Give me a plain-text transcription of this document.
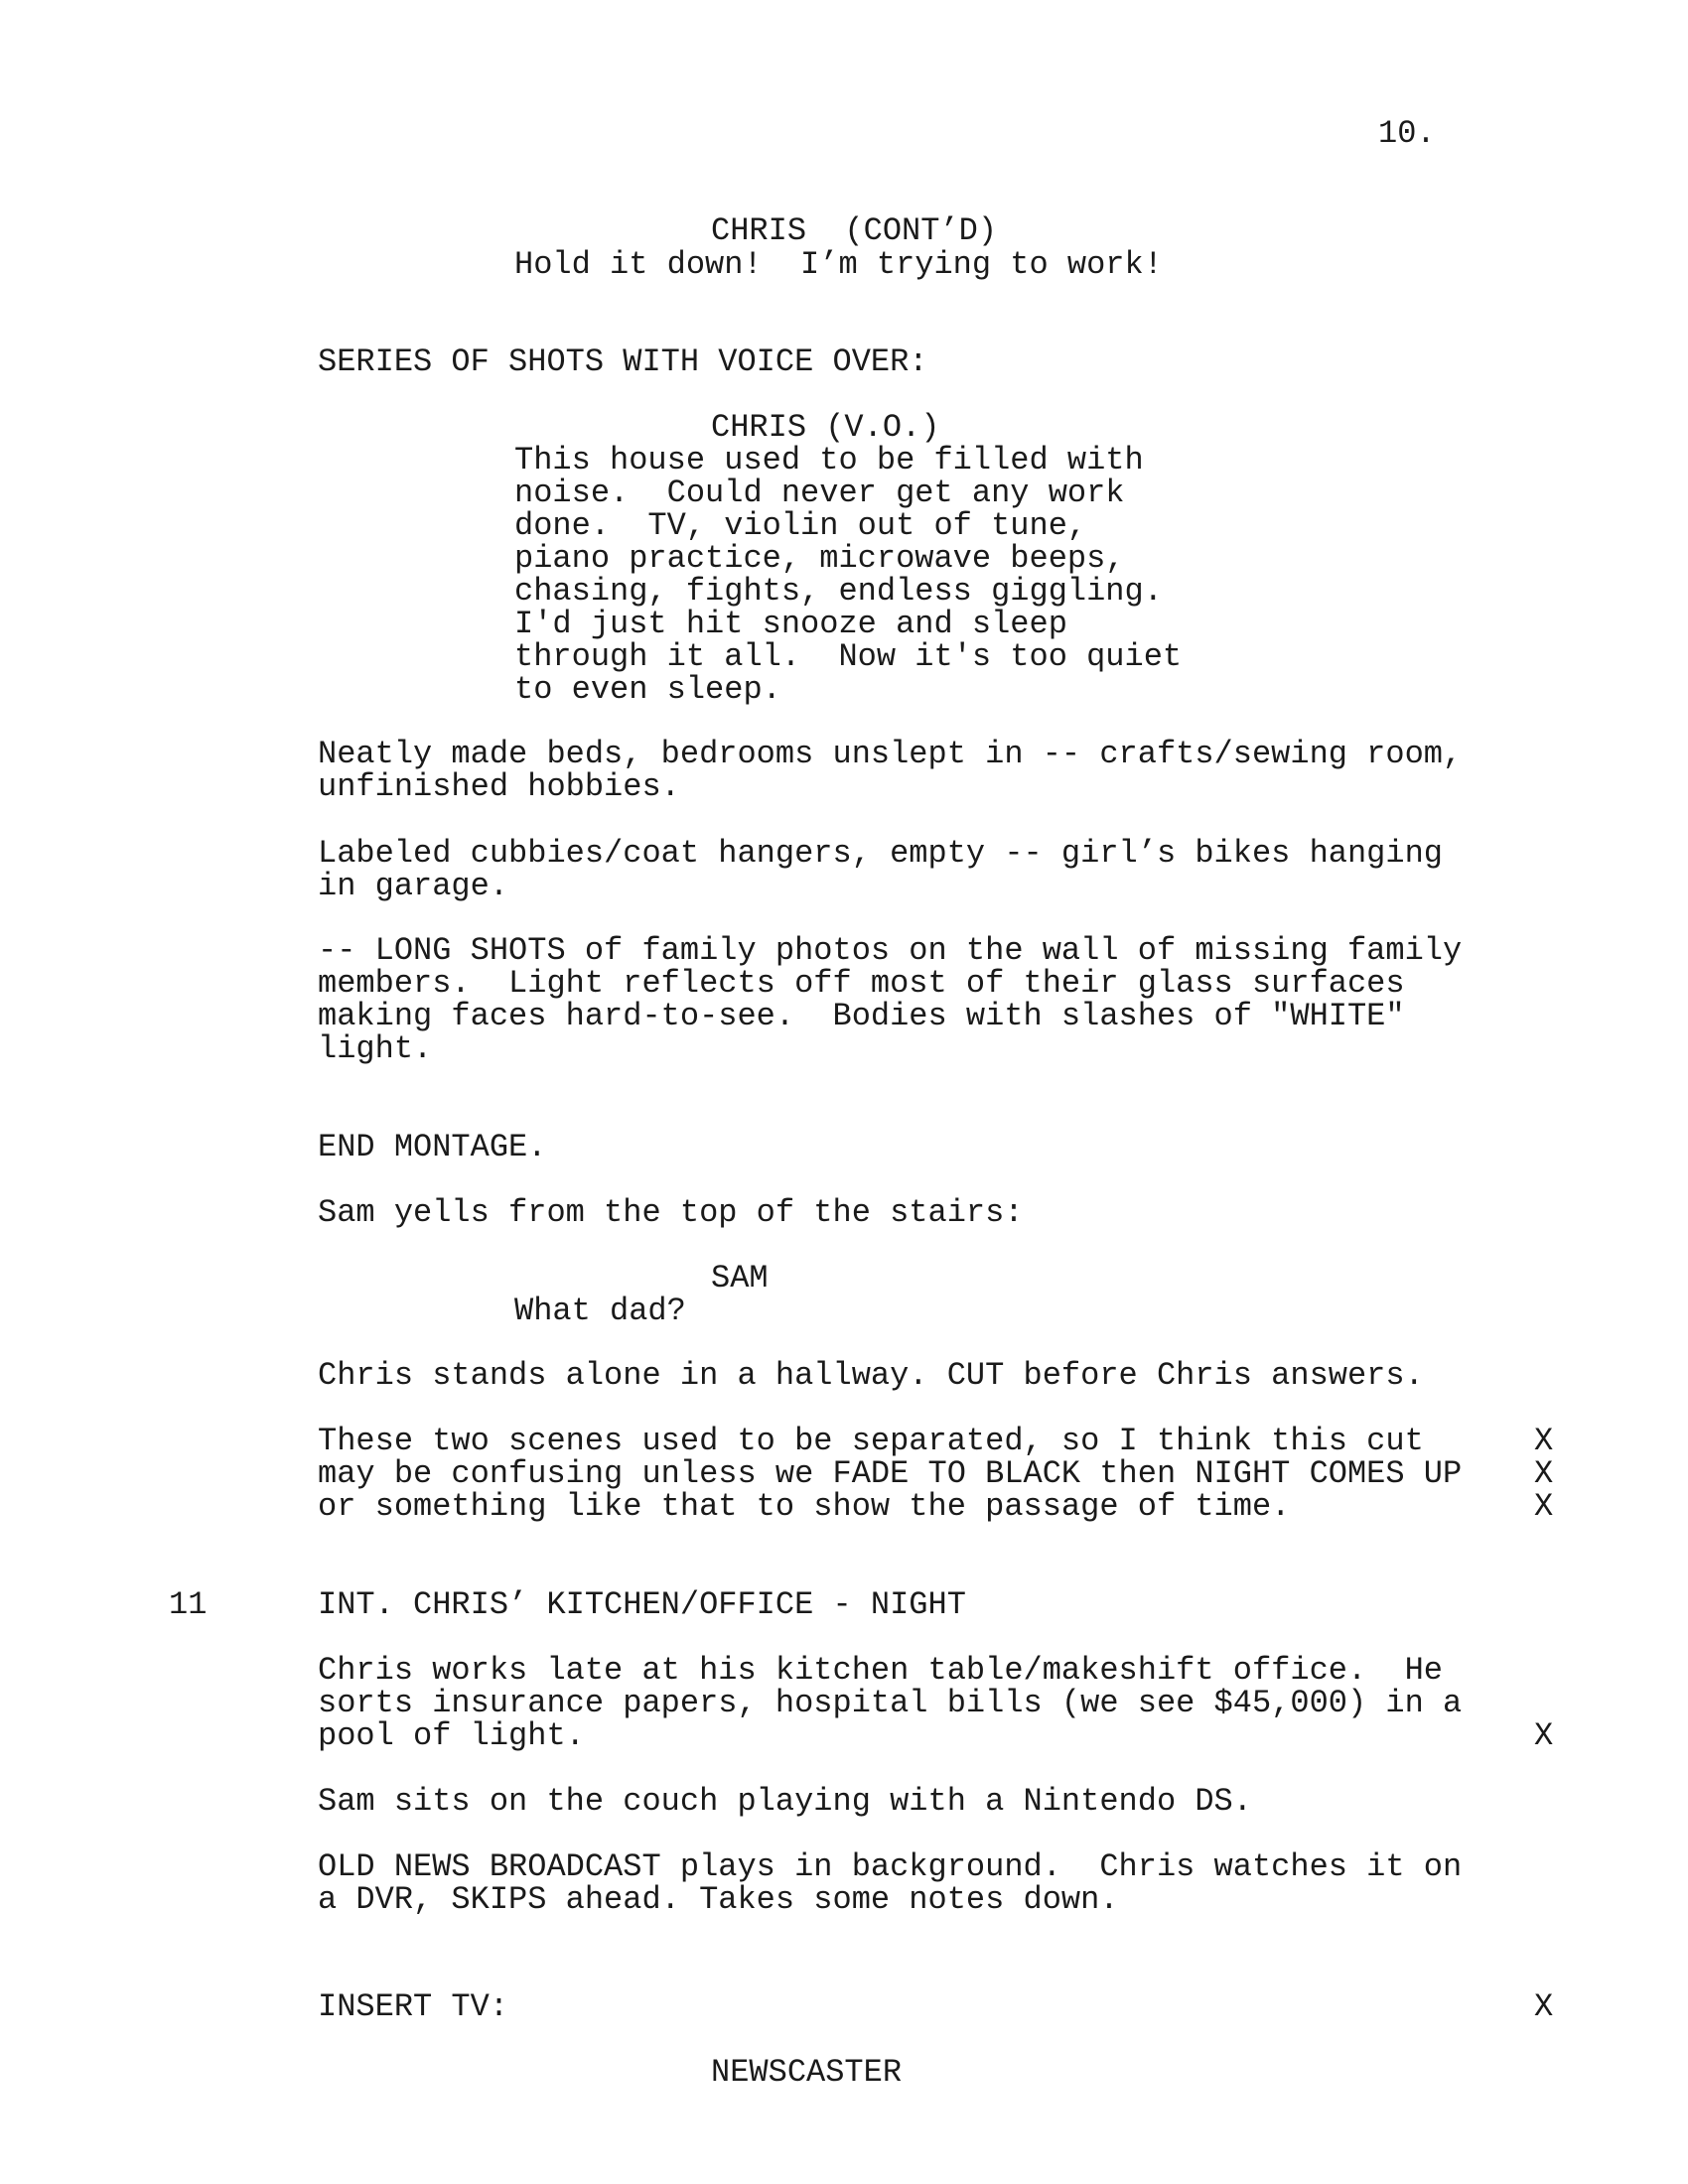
10.
CHRIS  (CONT’D)
Hold it down!  I’m trying to work!
SERIES OF SHOTS WITH VOICE OVER:
CHRIS (V.O.)
This house used to be filled with
noise.  Could never get any work
done.  TV, violin out of tune,
piano practice, microwave beeps,
chasing, fights, endless giggling.
I'd just hit snooze and sleep
through it all.  Now it's too quiet
to even sleep.
Neatly made beds, bedrooms unslept in -- crafts/sewing room,
unfinished hobbies.
Labeled cubbies/coat hangers, empty -- girl’s bikes hanging
in garage.
-- LONG SHOTS of family photos on the wall of missing family
members.  Light reflects off most of their glass surfaces
making faces hard-to-see.  Bodies with slashes of "WHITE"
light.
END MONTAGE.
Sam yells from the top of the stairs:
SAM
What dad?
Chris stands alone in a hallway. CUT before Chris answers.
These two scenes used to be separated, so I think this cut
may be confusing unless we FADE TO BLACK then NIGHT COMES UP
or something like that to show the passage of time.
X
X
X
11	INT. CHRIS’ KITCHEN/OFFICE - NIGHT
Chris works late at his kitchen table/makeshift office.  He
sorts insurance papers, hospital bills (we see $45,000) in a
pool of light.	X
Sam sits on the couch playing with a Nintendo DS.
OLD NEWS BROADCAST plays in background.  Chris watches it on
a DVR, SKIPS ahead. Takes some notes down.
INSERT TV:	X
NEWSCASTER
